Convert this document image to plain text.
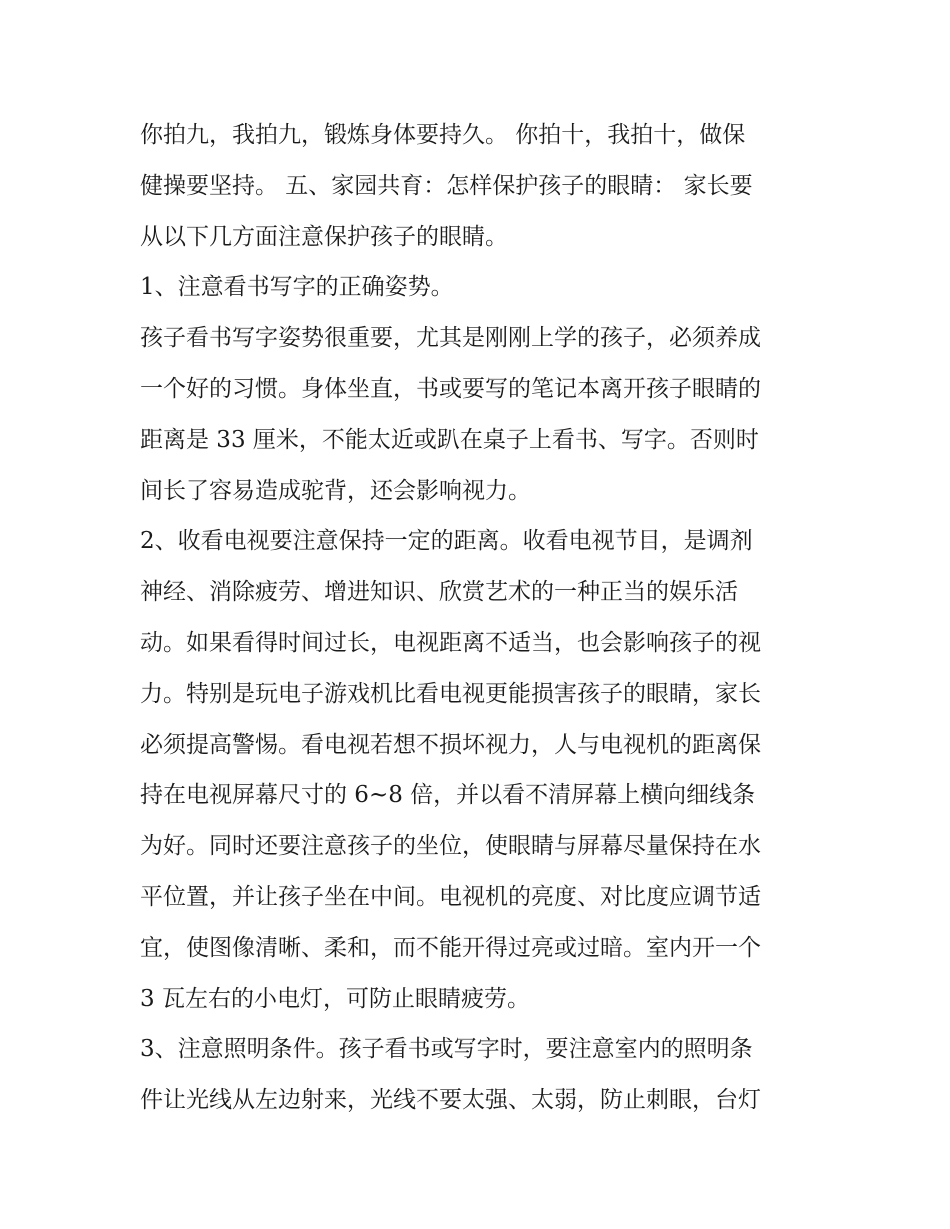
你拍九，我拍九，锻炼身体要持久。 你拍十，我拍十，做保
健操要坚持。 五、家园共育：怎样保护孩子的眼睛： 家长要
从以下几方面注意保护孩子的眼睛。
1、注意看书写字的正确姿势。
孩子看书写字姿势很重要，尤其是刚刚上学的孩子，必须养成
一个好的习惯。身体坐直，书或要写的笔记本离开孩子眼睛的
距离是 33 厘米，不能太近或趴在桌子上看书、写字。否则时
间长了容易造成驼背，还会影响视力。
2、收看电视要注意保持一定的距离。收看电视节目，是调剂
神经、消除疲劳、增进知识、欣赏艺术的一种正当的娱乐活
动。如果看得时间过长，电视距离不适当，也会影响孩子的视
力。特别是玩电子游戏机比看电视更能损害孩子的眼睛，家长
必须提高警惕。看电视若想不损坏视力，人与电视机的距离保
持在电视屏幕尺寸的 6~8 倍，并以看不清屏幕上横向细线条
为好。同时还要注意孩子的坐位，使眼睛与屏幕尽量保持在水
平位置，并让孩子坐在中间。电视机的亮度、对比度应调节适
宜，使图像清晰、柔和，而不能开得过亮或过暗。室内开一个
3 瓦左右的小电灯，可防止眼睛疲劳。
3、注意照明条件。孩子看书或写字时，要注意室内的照明条
件让光线从左边射来，光线不要太强、太弱，防止刺眼，台灯
